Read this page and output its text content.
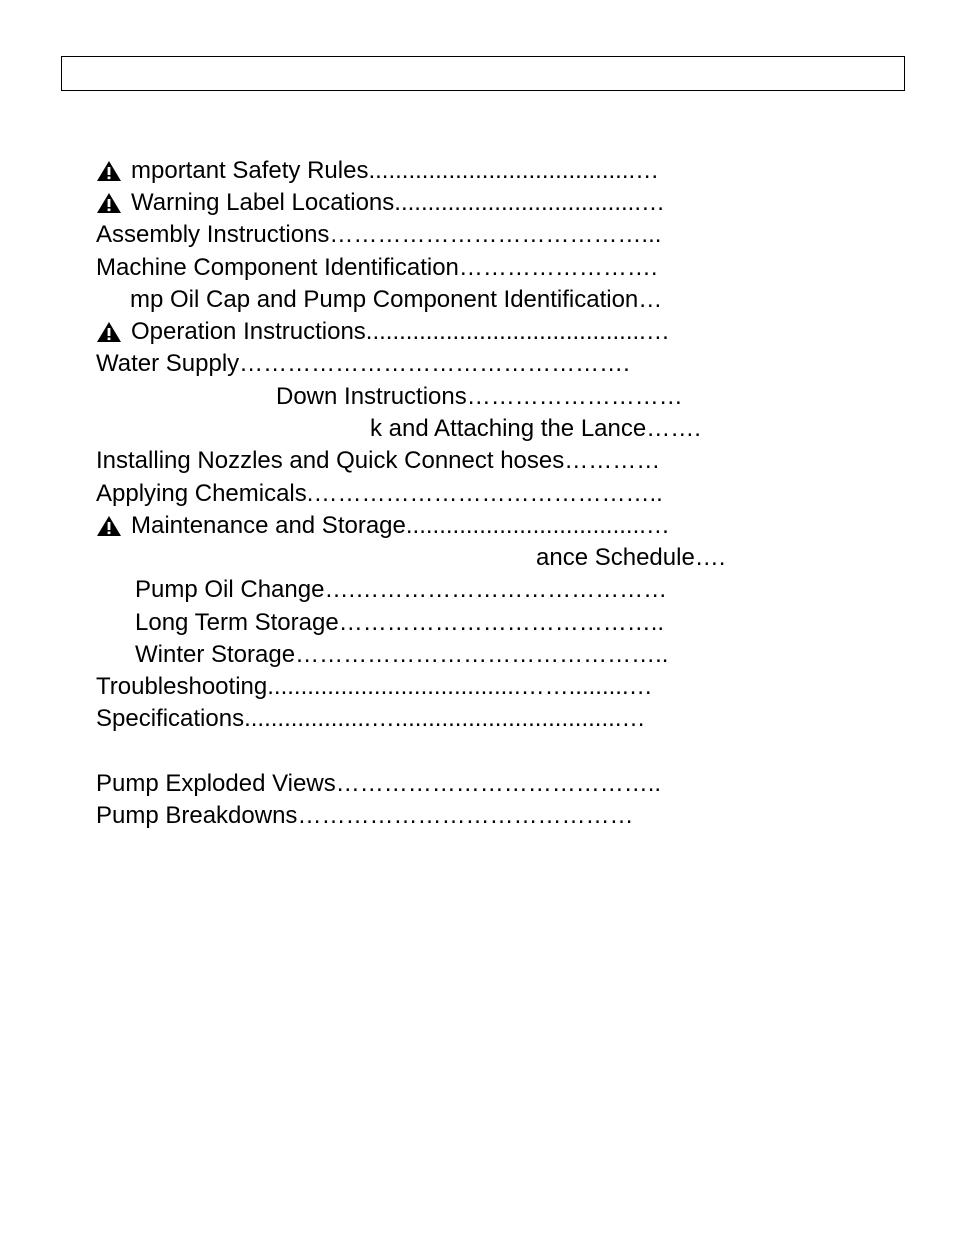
mportant Safety Rules ........................................…
Warning Label Locations .....................................…
Assembly Instructions …………………………………...
Machine Component Identification …………………….
mp Oil Cap and Pump Component Identification …
Operation Instructions ..........................................…
Water Supply ………………………………………….
Down Instructions ………………………
k and Attaching the Lance …….
Installing Nozzles and Quick Connect hoses …………
Applying Chemicals. ……………………………………..
Maintenance and Storage ....................................…
ance Schedule ….
Pump Oil Change ….…………………………………
Long Term Storage …………………………………..
Winter Storage ………………………………………..
Troubleshooting ......................................…….........…
Specifications ...................…..................................…
Pump Exploded Views …………………………………..
Pump Breakdowns ……………………………………
